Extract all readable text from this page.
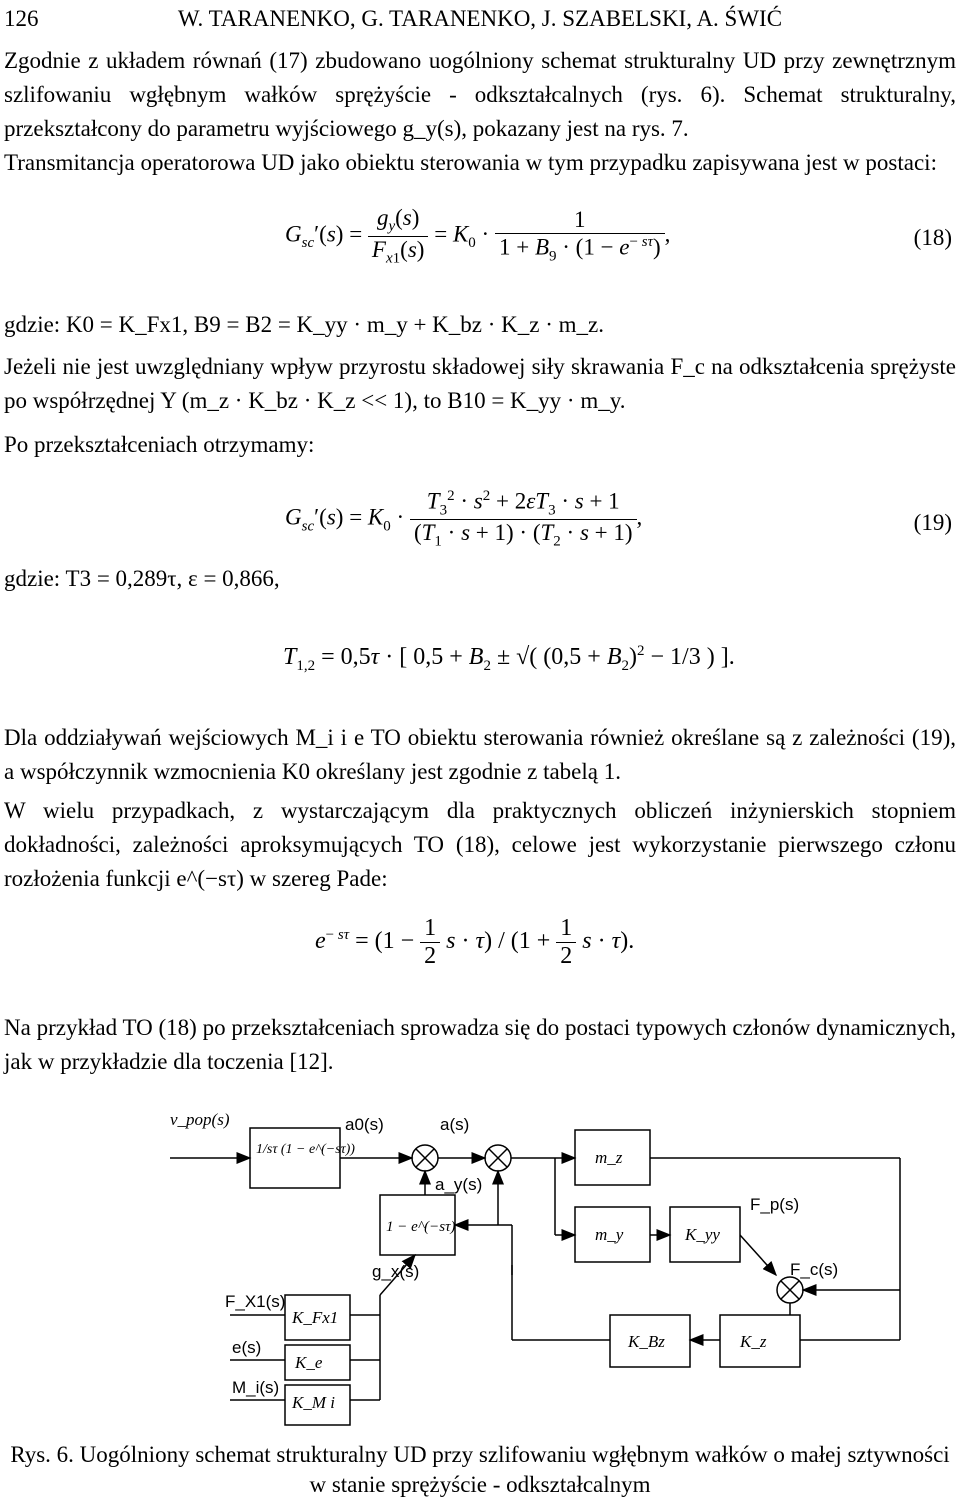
126	W. TARANENKO, G. TARANENKO, J. SZABELSKI, A. ŚWIĆ
Zgodnie z układem równań (17) zbudowano uogólniony schemat strukturalny UD przy zewnętrznym szlifowaniu wgłębnym wałków sprężyście - odkształcalnych (rys. 6). Schemat strukturalny, przekształcony do parametru wyjściowego g_y(s), pokazany jest na rys. 7.
Transmitancja operatorowa UD jako obiektu sterowania w tym przypadku zapisywana jest w postaci:
$G_{sc}'(s) = \frac{g_y(s)}{F_{x1}(s)} = K_0 \cdot \frac{1}{1 + B_9 \cdot (1 - e^{- s\tau})}$ ,	(18)
gdzie: K0 = K_Fx1, B9 = B2 = K_yy · m_y + K_bz · K_z · m_z.
Jeżeli nie jest uwzględniany wpływ przyrostu składowej siły skrawania F_c na odkształcenia sprężyste po współrzędnej Y (m_z · K_bz · K_z << 1), to B10 = K_yy · m_y.
Po przekształceniach otrzymamy:
$G_{sc}'(s) = K_0 \cdot \frac{T_3^2 \cdot s^2 + 2\varepsilon T_3 \cdot s + 1}{(T_1 \cdot s + 1) \cdot (T_2 \cdot s + 1)}$ ,	(19)
gdzie: T3 = 0,289τ, ε = 0,866,
$T_{1,2} = 0,5\tau$ · [ $0,5 + B_2$ ± √( $(0,5 + B_2)^2 - 1/3$ ) ].
Dla oddziaływań wejściowych M_i i e TO obiektu sterowania również określane są z zależności (19), a współczynnik wzmocnienia K0 określany jest zgodnie z tabelą 1.
W wielu przypadkach, z wystarczającym dla praktycznych obliczeń inżynierskich stopniem dokładności, zależności aproksymujących TO (18), celowe jest wykorzystanie pierwszego członu rozłożenia funkcji e^(−sτ) w szereg Pade:
$e^{- s\tau} = (1 - \frac{1}{2}$ $s \cdot \tau) / (1 + \frac{1}{2}$ s · τ).
Na przykład TO (18) po przekształceniach sprowadza się do postaci typowych członów dynamicznych, jak w przykładzie dla toczenia [12].
v_pop(s)
1/sτ (1 − e^(−sτ))
a0(s)	a(s)
a_y(s)
1 − e^(−sτ)
g_x(s)
m_z
m_y	K_yy
F_p(s)
F_X1(s)
K_Fx1
e(s)
K_e
M_i(s)
K_M i
K_Bz	K_z
F_c(s)
Rys. 6. Uogólniony schemat strukturalny UD przy szlifowaniu wgłębnym wałków o małej sztywności w stanie sprężyście - odkształcalnym
